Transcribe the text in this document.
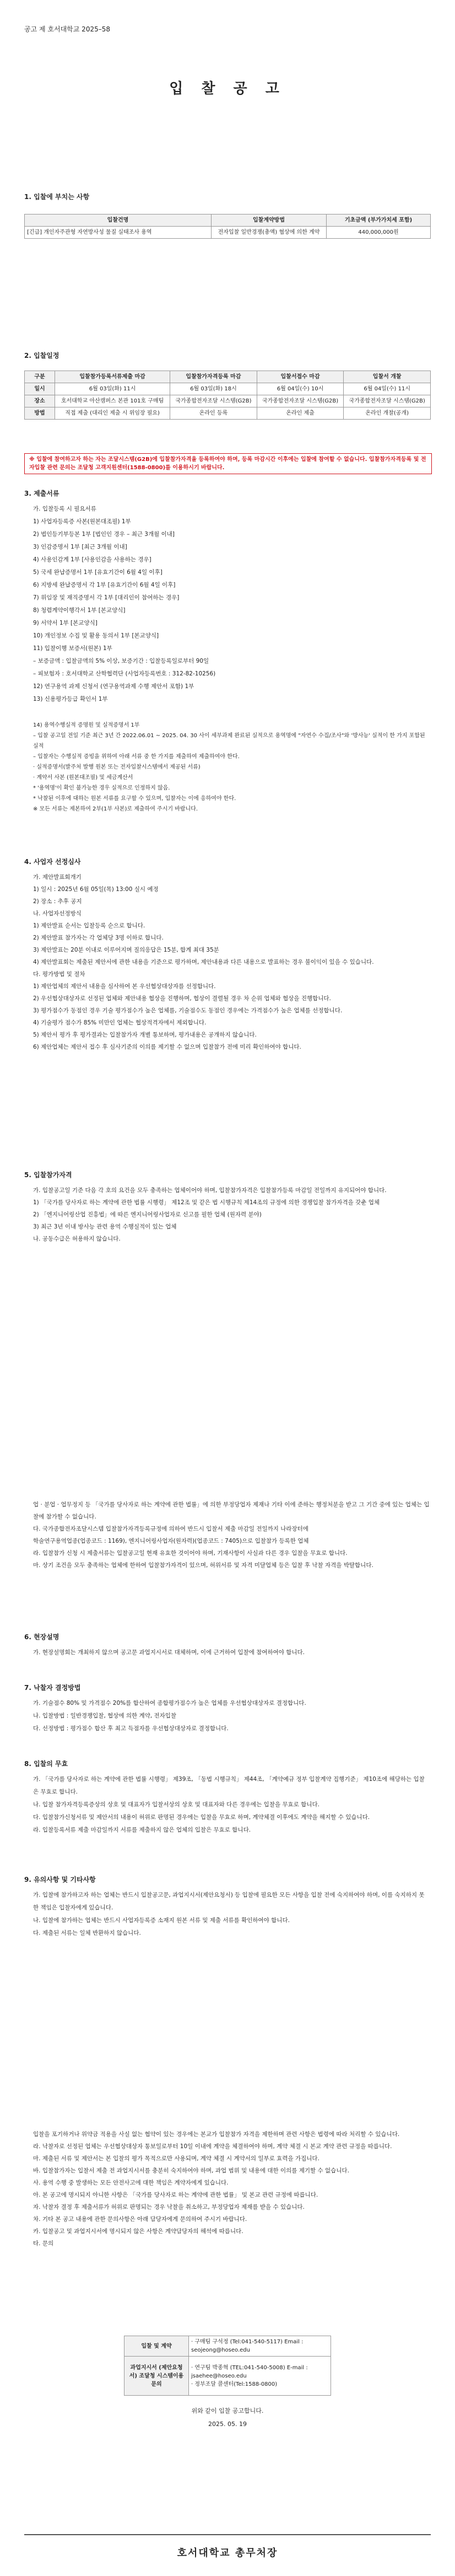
공고 제 호서대학교 2025–58
입 찰 공 고
1. 입찰에 부치는 사항
입찰건명	입찰계약방법	기초금액 (부가가치세 포함)
[긴급] 개인자주관형 자연방사성 물질 실태조사 용역	전자입찰 일반경쟁(총액) 협상에 의한 계약	440,000,000원
2. 입찰일정
구분	입찰참가등록서류제출 마감	입찰참가자격등록 마감	입찰서접수 마감	입찰서 개찰
일시	6월 03일(화) 11시	6월 03일(화) 18시	6월 04일(수) 10시	6월 04일(수) 11시
장소	호서대학교 아산캠퍼스 본관 101호 구매팀	국가종합전자조달 시스템(G2B)	국가종합전자조달 시스템(G2B)	국가종합전자조달 시스템(G2B)
방법	직접 제출 (대리인 제출 시 위임장 필요)	온라인 등록	온라인 제출	온라인 개찰(공개)
※ 입찰에 참여하고자 하는 자는 조달시스템(G2B)에 입찰참가자격을 등록하여야 하며, 등록 마감시간 이후에는 입찰에 참여할 수 없습니다. 입찰참가자격등록 및 전자입찰 관련 문의는 조달청 고객지원센터(1588-0800)를 이용하시기 바랍니다.
3. 제출서류
가. 입찰등록 시 필요서류
1) 사업자등록증 사본(원본대조필) 1부
2) 법인등기부등본 1부 [법인인 경우 – 최근 3개월 이내]
3) 인감증명서 1부 [최근 3개월 이내]
4) 사용인감계 1부 [사용인감을 사용하는 경우]
5) 국세 완납증명서 1부 [유효기간이 6월 4일 이후]
6) 지방세 완납증명서 각 1부 [유효기간이 6월 4일 이후]
7) 위임장 및 재직증명서 각 1부 [대리인이 참여하는 경우]
8) 청렴계약이행각서 1부 [본교양식]
9) 서약서 1부 [본교양식]
10) 개인정보 수집 및 활용 동의서 1부 [본교양식]
11) 입찰이행 보증서(원본) 1부
– 보증금액 : 입찰금액의 5% 이상, 보증기간 : 입찰등록일로부터 90일
– 피보험자 : 호서대학교 산학협력단 (사업자등록번호 : 312-82-10256)
12) 연구용역 과제 신청서 (연구용역과제 수행 제안서 포함) 1부
13) 신용평가등급 확인서 1부
14) 용역수행실적 증명원 및 실적증명서 1부
– 입찰 공고일 전일 기준 최근 3년 간 2022.06.01 ~ 2025. 04. 30 사이 세부과제 완료된 실적으로 용역명에 "자연수 수집/조사"와 '방사능' 실적이 한 가지 포함된 실적
– 입찰자는 수행실적 증빙을 위하여 아래 서류 중 한 가지를 제출하여 제출하여야 한다.
· 실적증명서(발주처 발행 원본 또는 전자입찰시스템에서 제공된 서류)
· 계약서 사본 (원본대조필) 및 세금계산서
* '용역명'이 확인 불가능한 경우 실적으로 인정하지 않음.
* 낙찰된 이후에 대하는 원본 서류를 요구할 수 있으며, 입찰자는 이에 응하여야 한다.
※ 모든 서류는 제본하여 2부(1부 사본)로 제출하여 주시기 바랍니다.
4. 사업자 선정심사
가. 제안발표회개기
1) 일시 : 2025년 6월 05일(목) 13:00 실시 예정
2) 장소 : 추후 공지
나. 사업자선정방식
1) 제안발표 순서는 입찰등록 순으로 합니다.
2) 제안발표 참가자는 각 업체당 3명 이하로 합니다.
3) 제안발표는 20분 이내로 이루어지며 질의응답은 15분, 합계 최대 35분
4) 제안발표회는 제출된 제안서에 관한 내용을 기준으로 평가하며, 제안내용과 다른 내용으로 발표하는 경우 불이익이 있을 수 있습니다.
다. 평가방법 및 절차
1) 제안업체의 제안서 내용을 심사하여 본 우선협상대상자를 선정합니다.
2) 우선협상대상자로 선정된 업체와 제안내용 협상을 진행하며, 협상이 결렬될 경우 차 순위 업체와 협상을 진행합니다.
3) 평가점수가 동점인 경우 기술 평가점수가 높은 업체를, 기술점수도 동점인 경우에는 가격점수가 높은 업체를 선정합니다.
4) 기술평가 점수가 85% 미만인 업체는 협상적격자에서 제외합니다.
5) 제안서 평가 후 평가결과는 입찰참가자 개별 통보하며, 평가내용은 공개하지 않습니다.
6) 제안업체는 제안서 접수 후 심사기준의 이의를 제기할 수 없으며 입찰참가 전에 미리 확인하여야 합니다.
5. 입찰참가자격
가. 입찰공고일 기준 다음 각 호의 요건을 모두 충족하는 업체이어야 하며, 입찰참가자격은 입찰참가등록 마감일 전일까지 유지되어야 합니다.
1) 「국가를 당사자로 하는 계약에 관한 법률 시행령」 제12조 및 같은 법 시행규칙 제14조의 규정에 의한 경쟁입찰 참가자격을 갖춘 업체
2) 「엔지니어링산업 진흥법」에 따른 엔지니어링사업자로 신고를 필한 업체 (원자력 분야)
3) 최근 3년 이내 방사능 관련 용역 수행실적이 있는 업체
나. 공동수급은 허용하지 않습니다.
업 · 분업 · 업무정지 등 「국가를 당사자로 하는 계약에 관한 법률」에 의한 부정당업자 제재나 기타 이에 준하는 행정처분을 받고 그 기간 중에 있는 업체는 입찰에 참가할 수 없습니다.
다. 국가종합전자조달시스템 입찰참가자격등록규정에 의하여 반드시 입찰서 제출 마감일 전일까지 나라장터에
학술연구용역업종(업종코드 : 1169), 엔지니어링사업자(원자력)(업종코드 : 7405)으로 입찰참가 등록한 업체
라. 입찰참가 신청 시 제출서류는 입찰공고일 현재 유효한 것이어야 하며, 기재사항이 사실과 다른 경우 입찰을 무효로 합니다.
마. 상기 조건을 모두 충족하는 업체에 한하여 입찰참가자격이 있으며, 허위서류 및 자격 미달업체 등은 입찰 후 낙찰 자격을 박탈합니다.
6. 현장설명
가. 현장설명회는 개최하지 않으며 공고문 과업지시서로 대체하며, 이에 근거하여 입찰에 참여하여야 합니다.
7. 낙찰자 결정방법
가. 기술점수 80% 및 가격점수 20%를 합산하여 종합평가점수가 높은 업체를 우선협상대상자로 결정합니다.
나. 입찰방법 : 일반경쟁입찰, 협상에 의한 계약, 전자입찰
다. 선정방법 : 평가점수 합산 후 최고 득점자를 우선협상대상자로 결정합니다.
8. 입찰의 무효
가. 「국가를 당사자로 하는 계약에 관한 법률 시행령」 제39조, 「동법 시행규칙」 제44조, 「계약예규 정부 입찰계약 집행기준」 제10조에 해당하는 입찰은 무효로 합니다.
나. 입찰 참가자격등록증상의 상호 및 대표자가 입찰서상의 상호 및 대표자와 다른 경우에는 입찰을 무효로 합니다.
다. 입찰참가신청서류 및 제안서의 내용이 허위로 판명된 경우에는 입찰을 무효로 하며, 계약체결 이후에도 계약을 해지할 수 있습니다.
라. 입찰등록서류 제출 마감일까지 서류를 제출하지 않은 업체의 입찰은 무효로 합니다.
9. 유의사항 및 기타사항
가. 입찰에 참가하고자 하는 업체는 반드시 입찰공고문, 과업지시서(제안요청서) 등 입찰에 필요한 모든 사항을 입찰 전에 숙지하여야 하며, 이를 숙지하지 못한 책임은 입찰자에게 있습니다.
나. 입찰에 참가하는 업체는 반드시 사업자등록증 소재지 원본 서류 및 제출 서류를 확인하여야 합니다.
다. 제출된 서류는 일체 반환하지 않습니다.
입찰을 포기하거나 위약금 적용을 사실 없는 협약이 있는 경우에는 본교가 입찰참가 자격을 제한하며 관련 사항은 법령에 따라 처리할 수 있습니다.
라. 낙찰자로 선정된 업체는 우선협상대상자 통보일로부터 10일 이내에 계약을 체결하여야 하며, 계약 체결 시 본교 계약 관련 규정을 따릅니다.
마. 제출된 서류 및 제안서는 본 입찰의 평가 목적으로만 사용되며, 계약 체결 시 계약서의 일부로 효력을 가집니다.
바. 입찰참가자는 입찰서 제출 전 과업지시서를 충분히 숙지하여야 하며, 과업 범위 및 내용에 대한 이의를 제기할 수 없습니다.
사. 용역 수행 중 발생하는 모든 안전사고에 대한 책임은 계약자에게 있습니다.
아. 본 공고에 명시되지 아니한 사항은 「국가를 당사자로 하는 계약에 관한 법률」 및 본교 관련 규정에 따릅니다.
자. 낙찰자 결정 후 제출서류가 허위로 판명되는 경우 낙찰을 취소하고, 부정당업자 제재를 받을 수 있습니다.
차. 기타 본 공고 내용에 관한 문의사항은 아래 담당자에게 문의하여 주시기 바랍니다.
카. 입찰공고 및 과업지시서에 명시되지 않은 사항은 계약담당자의 해석에 따릅니다.
타. 문의
입찰 및 계약	· 구매팀 구석정 (Tel:041-540-5117) Email : seojeong@hoseo.edu
과업지시서 (제안요청서) 조달청 시스템이용문의	· 연구팀 박종혁 (TEL:041-540-5008) E-mail : jsaehee@hoseo.edu
· 정부조달 콜센터(Tel:1588-0800)
위와 같이 입찰 공고합니다.
2025. 05. 19
호서대학교 총무처장
